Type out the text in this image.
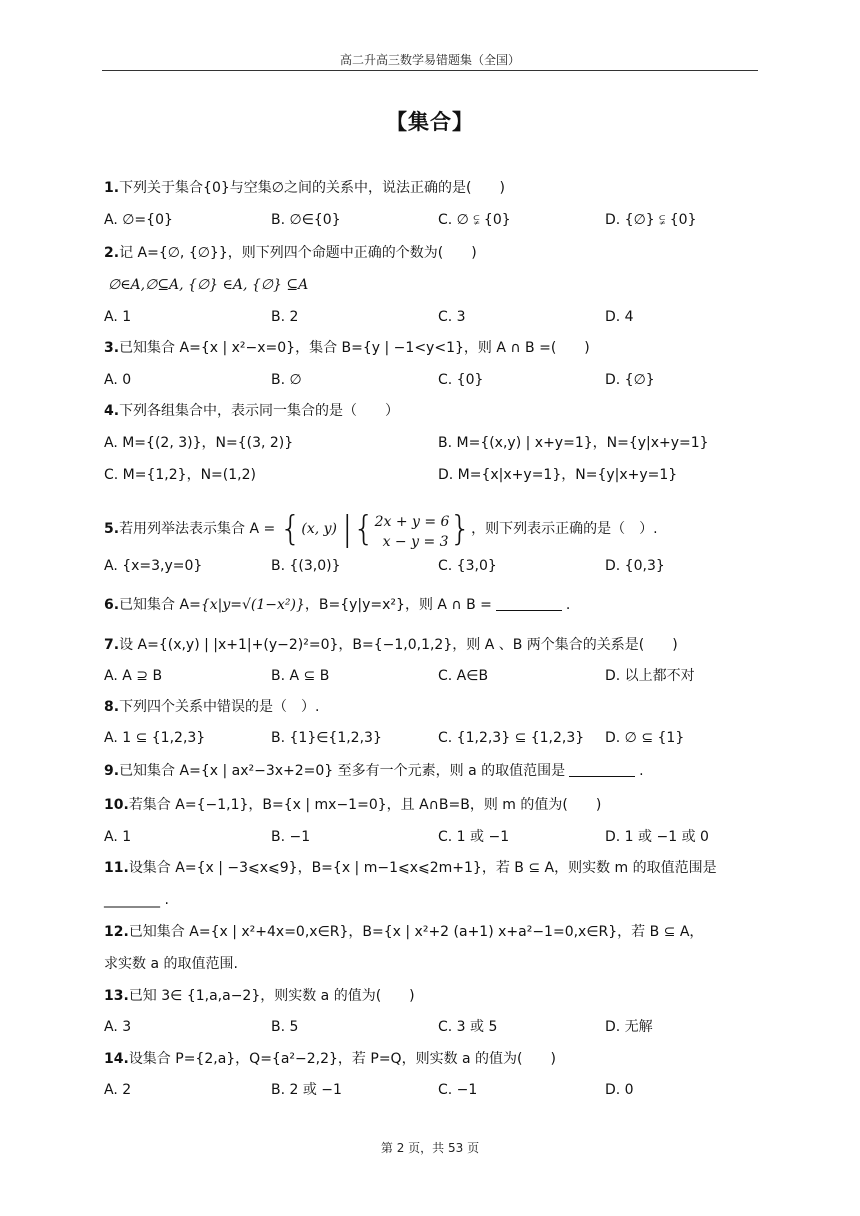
高二升高三数学易错题集（全国）
【集合】
1.下列关于集合{0}与空集∅之间的关系中，说法正确的是(　　)
A. ∅={0}	B. ∅∈{0}	C. ∅ ⫋ {0}	D. {∅} ⫋ {0}
2.记 A={∅, {∅}}，则下列四个命题中正确的个数为(　　)
∅∈A,∅⊆A, {∅} ∈A, {∅} ⊆A
A. 1	B. 2	C. 3	D. 4
3.已知集合 A={x | x²−x=0}，集合 B={y | −1<y<1}，则 A ∩ B =(　　)
A. 0	B. ∅	C. {0}	D. {∅}
4.下列各组集合中，表示同一集合的是（　　）
A. M={(2, 3)}，N={(3, 2)}	B. M={(x,y) | x+y=1}，N={y|x+y=1}
C. M={1,2}，N=(1,2)	D. M={x|x+y=1}，N={y|x+y=1}
5.若用列举法表示集合 A = {(x, y) |{ 2x + y = 6
x − y = 3 }，则下列表示正确的是（　）.
A. {x=3,y=0}	B. {(3,0)}	C. {3,0}	D. {0,3}
6.已知集合 A={x|y=√(1−x²)}，B={y|y=x²}，则 A ∩ B =	.
7.设 A={(x,y) | |x+1|+(y−2)²=0}，B={−1,0,1,2}，则 A 、B 两个集合的关系是(　　)
A. A ⊇ B	B. A ⊆ B	C. A∈B	D. 以上都不对
8.下列四个关系中错误的是（　）.
A. 1 ⊆ {1,2,3}	B. {1}∈{1,2,3}	C. {1,2,3} ⊆ {1,2,3} D. ∅ ⊆ {1}
9.已知集合 A={x | ax²−3x+2=0} 至多有一个元素，则 a 的取值范围是	.
10.若集合 A={−1,1}，B={x | mx−1=0}，且 A∩B=B，则 m 的值为(　　)
A. 1	B. −1	C. 1 或 −1	D. 1 或 −1 或 0
11.设集合 A={x | −3⩽x⩽9}，B={x | m−1⩽x⩽2m+1}，若 B ⊆ A，则实数 m 的取值范围是
________ .
12.已知集合 A={x | x²+4x=0,x∈R}，B={x | x²+2 (a+1) x+a²−1=0,x∈R}，若 B ⊆ A，
求实数 a 的取值范围.
13.已知 3∈ {1,a,a−2}，则实数 a 的值为(　　)
A. 3	B. 5	C. 3 或 5	D. 无解
14.设集合 P={2,a}，Q={a²−2,2}，若 P=Q，则实数 a 的值为(　　)
A. 2	B. 2 或 −1	C. −1	D. 0
第 2 页，共 53 页
